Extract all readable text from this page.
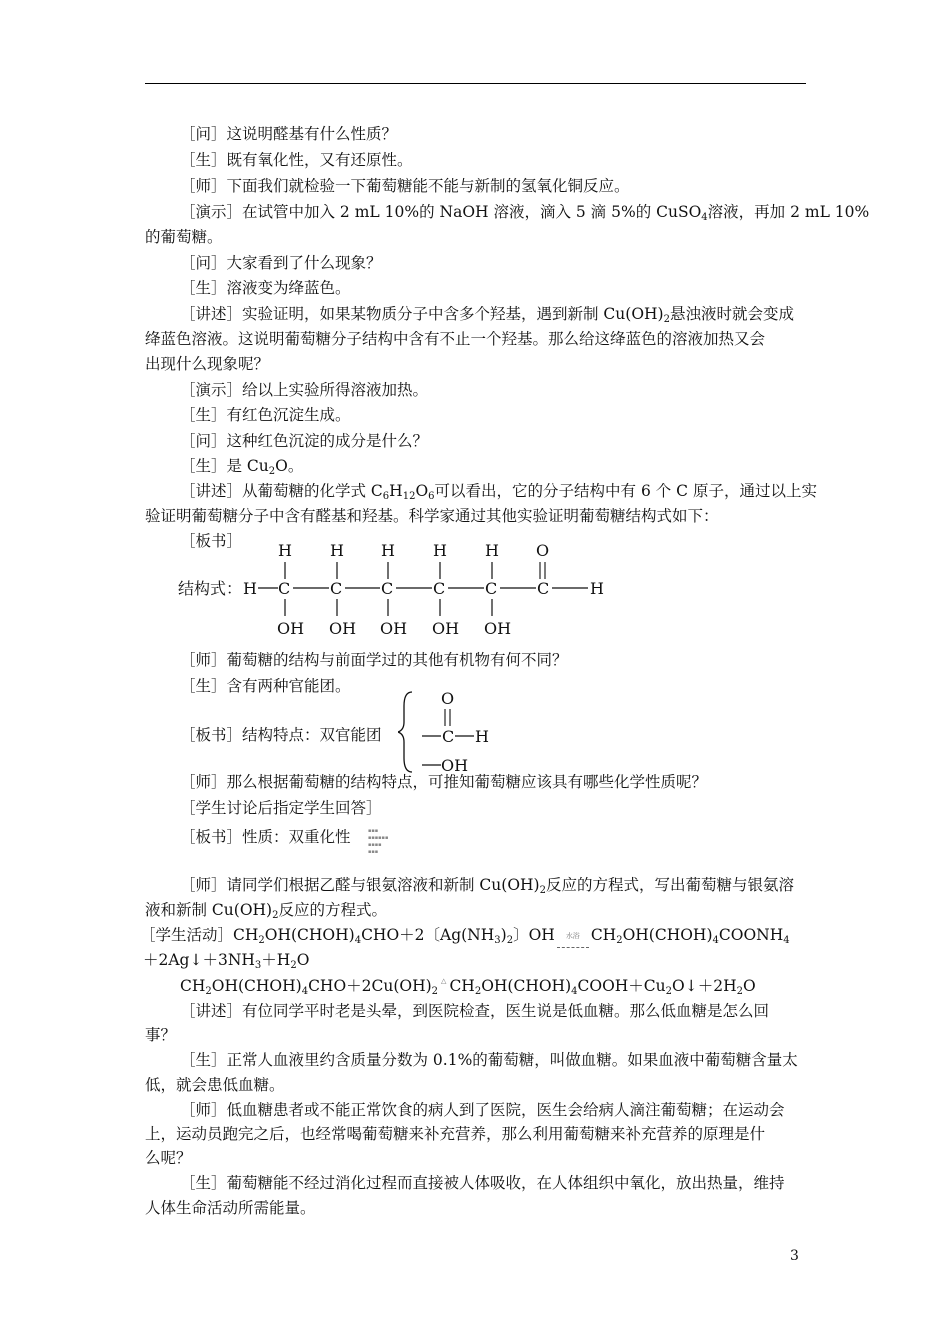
［问］这说明醛基有什么性质？
［生］既有氧化性，又有还原性。
［师］下面我们就检验一下葡萄糖能不能与新制的氢氧化铜反应。
［演示］在试管中加入 2 mL 10%的 NaOH 溶液，滴入 5 滴 5%的 CuSO$_4$溶液，再加 2 mL 10%
的葡萄糖。
［问］大家看到了什么现象？
［生］溶液变为绛蓝色。
［讲述］实验证明，如果某物质分子中含多个羟基，遇到新制 $Cu(OH)_2$悬浊液时就会变成
绛蓝色溶液。这说明葡萄糖分子结构中含有不止一个羟基。那么给这绛蓝色的溶液加热又会
出现什么现象呢？
［演示］给以上实验所得溶液加热。
［生］有红色沉淀生成。
［问］这种红色沉淀的成分是什么？
［生］是 $Cu_2O$。
［讲述］从葡萄糖的化学式 $C_6H_{12}O_6$可以看出，它的分子结构中有 6 个 C 原子，通过以上实
验证明葡萄糖分子中含有醛基和羟基。科学家通过其他实验证明葡萄糖结构式如下：
［板书］
结构式： H
H
C
OH
H
C
OH
H
C
OH
H
C
OH
H
C
OH
O
C	H
［师］葡萄糖的结构与前面学过的其他有机物有何不同？
［生］含有两种官能团。
［板书］结构特点：双官能团
O
C H
OH
［师］那么根据葡萄糖的结构特点，可推知葡萄糖应该具有哪些化学性质呢？
［学生讨论后指定学生回答］
［板书］性质：双重化性	▪▪▪
▪▪▪▪▪▪
▪▪▪▪
▪▪▪
［师］请同学们根据乙醛与银氨溶液和新制 $Cu(OH)_2$反应的方程式，写出葡萄糖与银氨溶
液和新制 $Cu(OH)_2$反应的方程式。
［学生活动$]CH_2OH(CHOH)_4CHO+2$〔$Ag(NH_3)_2$〕OH 水浴 $CH_2OH(CHOH)_4COONH_4$
$+2Ag↓+3NH_3+H_2O$
$CH_2OH(CHOH)_4CHO+2Cu(OH)_2^\triangle$ $CH_2OH(CHOH)_4COOH+Cu_2O↓+2H_2O$
［讲述］有位同学平时老是头晕，到医院检查，医生说是低血糖。那么低血糖是怎么回
事？
［生］正常人血液里约含质量分数为 0.1%的葡萄糖，叫做血糖。如果血液中葡萄糖含量太
低，就会患低血糖。
［师］低血糖患者或不能正常饮食的病人到了医院，医生会给病人滴注葡萄糖；在运动会
上，运动员跑完之后，也经常喝葡萄糖来补充营养，那么利用葡萄糖来补充营养的原理是什
么呢？
［生］葡萄糖能不经过消化过程而直接被人体吸收，在人体组织中氧化，放出热量，维持
人体生命活动所需能量。
3
